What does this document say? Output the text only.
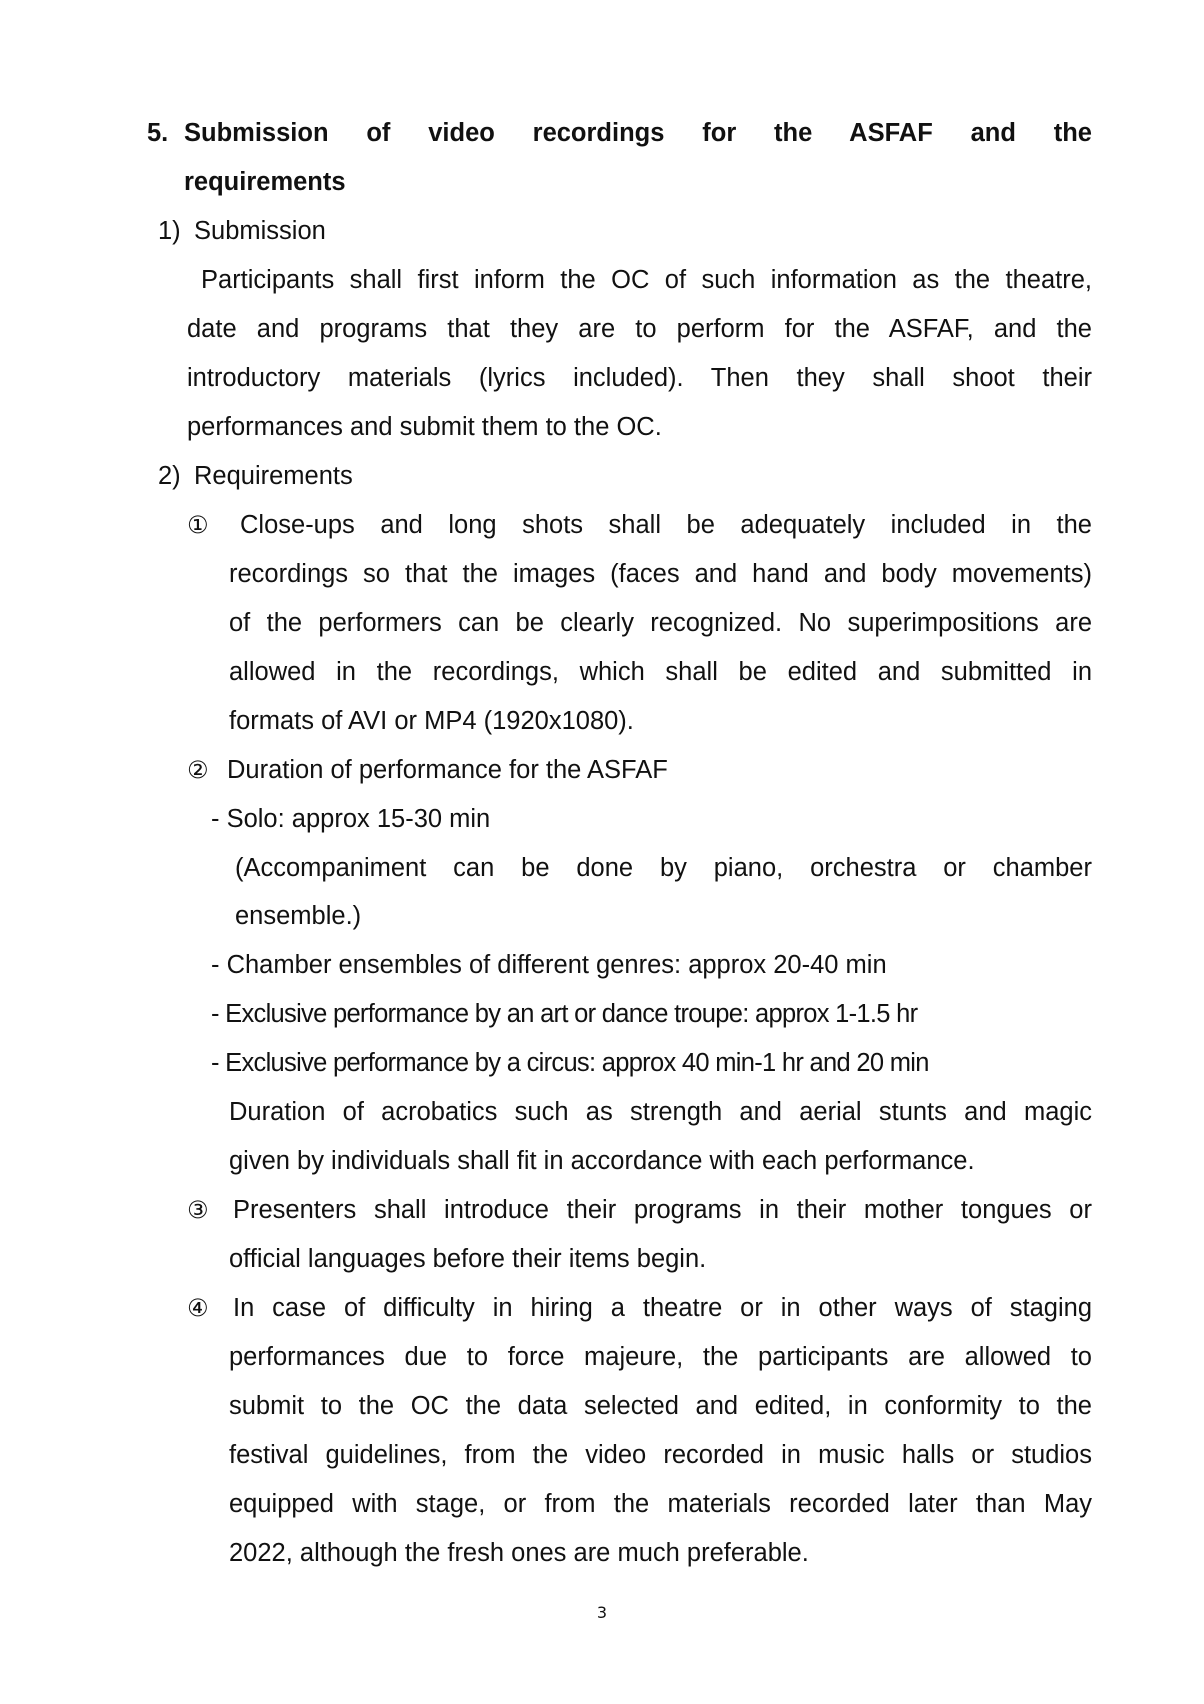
5. Submission of video recordings for the ASFAF and the
requirements
1) Submission
Participants shall first inform the OC of such information as the theatre,
date and programs that they are to perform for the ASFAF, and the
introductory materials (lyrics included). Then they shall shoot their
performances and submit them to the OC.
2) Requirements
①	Close-ups and long shots shall be adequately included in the
recordings so that the images (faces and hand and body movements)
of the performers can be clearly recognized. No superimpositions are
allowed in the recordings, which shall be edited and submitted in
formats of AVI or MP4 (1920x1080).
② Duration of performance for the ASFAF
- Solo: approx 15-30 min
(Accompaniment can be done by piano, orchestra or chamber
ensemble.)
- Chamber ensembles of different genres: approx 20-40 min
- Exclusive performance by an art or dance troupe: approx 1-1.5 hr
- Exclusive performance by a circus: approx 40 min-1 hr and 20 min
Duration of acrobatics such as strength and aerial stunts and magic
given by individuals shall fit in accordance with each performance.
③ Presenters shall introduce their programs in their mother tongues or
official languages before their items begin.
④ In case of difficulty in hiring a theatre or in other ways of staging
performances due to force majeure, the participants are allowed to
submit to the OC the data selected and edited, in conformity to the
festival guidelines, from the video recorded in music halls or studios
equipped with stage, or from the materials recorded later than May
2022, although the fresh ones are much preferable.
3
